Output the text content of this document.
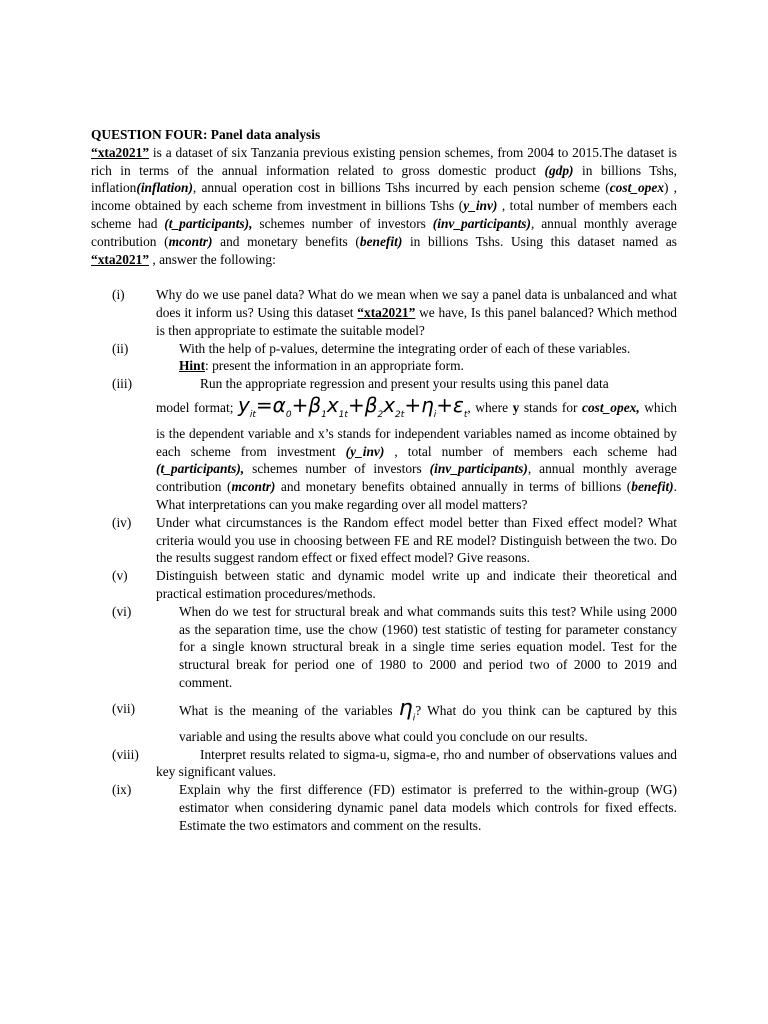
QUESTION FOUR: Panel data analysis

“xta2021” is a dataset of six Tanzania previous existing pension schemes, from 2004 to 2015.The dataset is rich in terms of the annual information related to gross domestic product (gdp) in billions Tshs, inflation(inflation), annual operation cost in billions Tshs incurred by each pension scheme (cost_opex) , income obtained by each scheme from investment in billions Tshs (y_inv) , total number of members each scheme had (t_participants), schemes number of investors (inv_participants), annual monthly average contribution (mcontr) and monetary benefits (benefit) in billions Tshs. Using this dataset named as “xta2021” , answer the following:

(i)	Why do we use panel data? What do we mean when we say a panel data is unbalanced and what does it inform us? Using this dataset “xta2021” we have, Is this panel balanced? Which method is then appropriate to estimate the suitable model?
(ii)	With the help of p-values, determine the integrating order of each of these variables.
Hint: present the information in an appropriate form.
(iii)	Run the appropriate regression and present your results using this panel data
model format; $y_{it}=\alpha_0+\beta_1x_{1t}+\beta_2x_{2t}+\eta_i+\varepsilon_t$, where y stands for cost_opex, which is the dependent variable and x’s stands for independent variables named as income obtained by each scheme from investment (y_inv) , total number of members each scheme had (t_participants), schemes number of investors (inv_participants), annual monthly average contribution (mcontr) and monetary benefits obtained annually in terms of billions (benefit). What interpretations can you make regarding over all model matters?
(iv)	Under what circumstances is the Random effect model better than Fixed effect model? What criteria would you use in choosing between FE and RE model? Distinguish between the two. Do the results suggest random effect or fixed effect model? Give reasons.
(v)	Distinguish between static and dynamic model write up and indicate their theoretical and practical estimation procedures/methods.
(vi)	When do we test for structural break and what commands suits this test? While using 2000 as the separation time, use the chow (1960) test statistic of testing for parameter constancy for a single known structural break in a single time series equation model. Test for the structural break for period one of 1980 to 2000 and period two of 2000 to 2019 and comment.
(vii)	What is the meaning of the variables $\eta_i$? What do you think can be captured by this variable and using the results above what could you conclude on our results.
(viii)	Interpret results related to sigma-u, sigma-e, rho and number of observations values and key significant values.
(ix)	Explain why the first difference (FD) estimator is preferred to the within-group (WG) estimator when considering dynamic panel data models which controls for fixed effects. Estimate the two estimators and comment on the results.
